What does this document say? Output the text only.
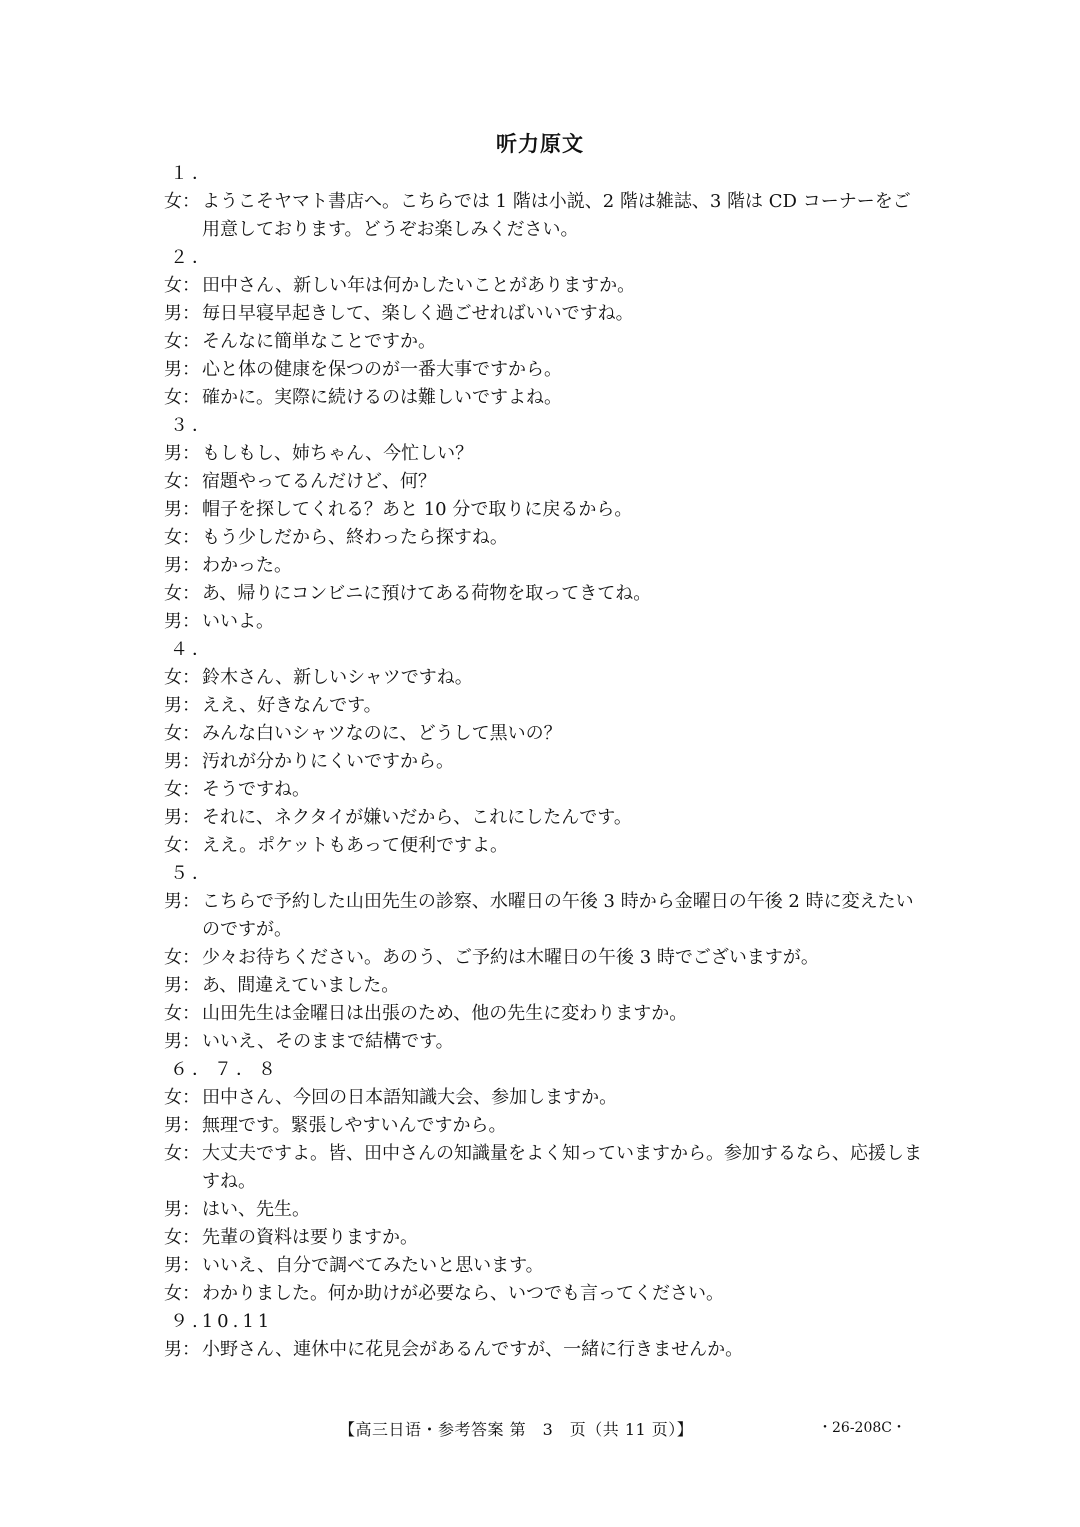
听力原文
１．
女： ようこそヤマト書店へ。こちらでは 1 階は小説、2 階は雑誌、3 階は CD コーナーをご用意しております。どうぞお楽しみください。
２．
女： 田中さん、新しい年は何かしたいことがありますか。
男： 毎日早寝早起きして、楽しく過ごせればいいですね。
女： そんなに簡単なことですか。
男： 心と体の健康を保つのが一番大事ですから。
女： 確かに。実際に続けるのは難しいですよね。
３．
男： もしもし、姉ちゃん、今忙しい？
女： 宿題やってるんだけど、何？
男： 帽子を探してくれる？あと 10 分で取りに戻るから。
女： もう少しだから、終わったら探すね。
男： わかった。
女： あ、帰りにコンビニに預けてある荷物を取ってきてね。
男： いいよ。
４．
女： 鈴木さん、新しいシャツですね。
男： ええ、好きなんです。
女： みんな白いシャツなのに、どうして黒いの？
男： 汚れが分かりにくいですから。
女： そうですね。
男： それに、ネクタイが嫌いだから、これにしたんです。
女： ええ。ポケットもあって便利ですよ。
５．
男： こちらで予約した山田先生の診察、水曜日の午後 3 時から金曜日の午後 2 時に変えたいのですが。
女： 少々お待ちください。あのう、ご予約は木曜日の午後 3 時でございますが。
男： あ、間違えていました。
女： 山田先生は金曜日は出張のため、他の先生に変わりますか。
男： いいえ、そのままで結構です。
６．７．８
女： 田中さん、今回の日本語知識大会、参加しますか。
男： 無理です。緊張しやすいんですから。
女： 大丈夫ですよ。皆、田中さんの知識量をよく知っていますから。参加するなら、応援しますね。
男： はい、先生。
女： 先輩の資料は要りますか。
男： いいえ、自分で調べてみたいと思います。
女： わかりました。何か助けが必要なら、いつでも言ってください。
９.10.11
男： 小野さん、連休中に花見会があるんですが、一緒に行きませんか。
【高三日语・参考答案 第　3　页（共 11 页）】	・26-208C・
